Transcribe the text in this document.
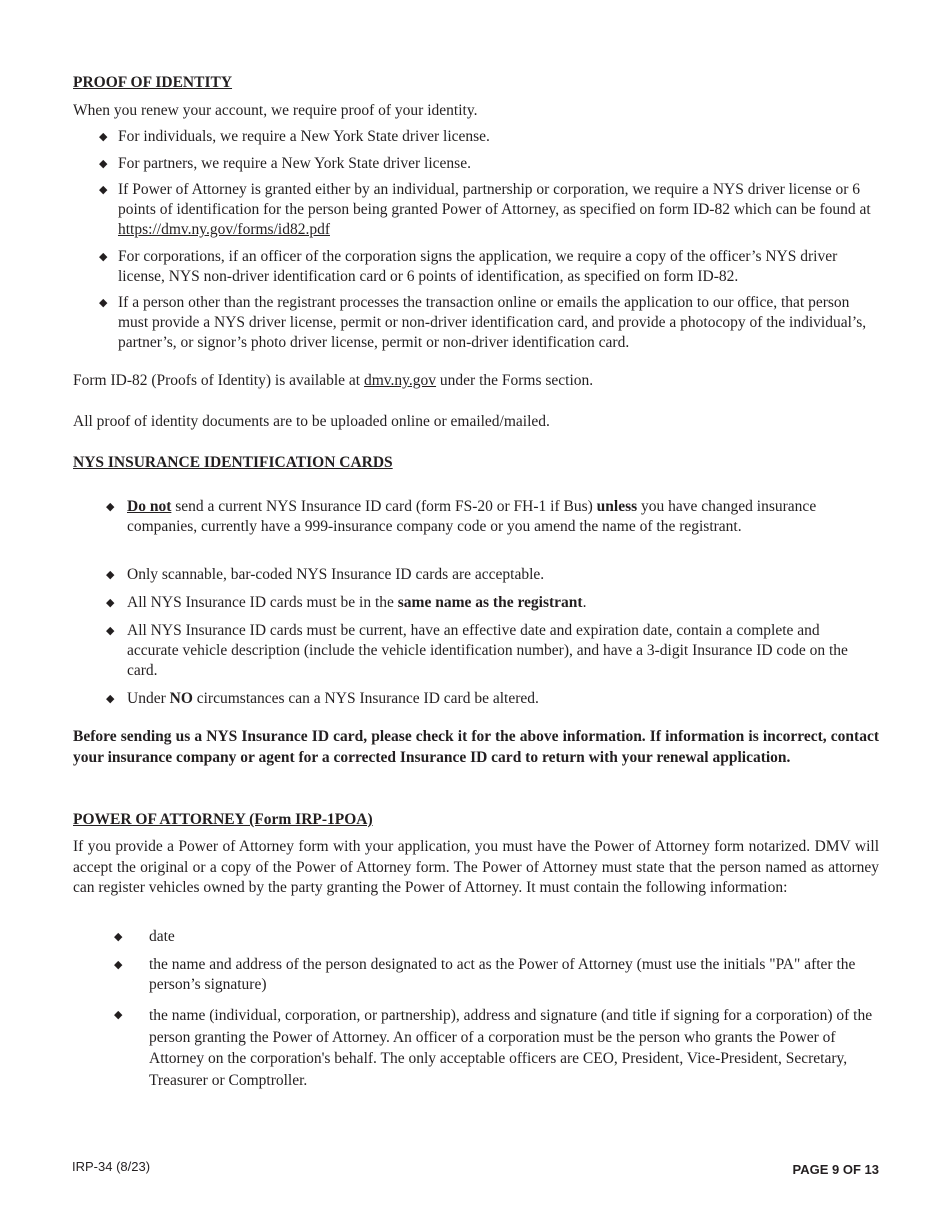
PROOF OF IDENTITY
When you renew your account, we require proof of your identity.
◆ For individuals, we require a New York State driver license.
◆ For partners, we require a New York State driver license.
◆ If Power of Attorney is granted either by an individual, partnership or corporation, we require a NYS driver license or 6 points of identification for the person being granted Power of Attorney, as specified on form ID-82 which can be found at https://dmv.ny.gov/forms/id82.pdf
◆ For corporations, if an officer of the corporation signs the application, we require a copy of the officer’s NYS driver license, NYS non-driver identification card or 6 points of identification, as specified on form ID-82.
◆ If a person other than the registrant processes the transaction online or emails the application to our office, that person must provide a NYS driver license, permit or non-driver identification card, and provide a photocopy of the individual’s, partner’s, or signor’s photo driver license, permit or non-driver identification card.
Form ID-82 (Proofs of Identity) is available at dmv.ny.gov under the Forms section.
All proof of identity documents are to be uploaded online or emailed/mailed.
NYS INSURANCE IDENTIFICATION CARDS
◆ Do not send a current NYS Insurance ID card (form FS-20 or FH-1 if Bus) unless you have changed insurance companies, currently have a 999-insurance company code or you amend the name of the registrant.
◆ Only scannable, bar-coded NYS Insurance ID cards are acceptable.
◆ All NYS Insurance ID cards must be in the same name as the registrant.
◆ All NYS Insurance ID cards must be current, have an effective date and expiration date, contain a complete and accurate vehicle description (include the vehicle identification number), and have a 3-digit Insurance ID code on the card.
◆ Under NO circumstances can a NYS Insurance ID card be altered.
Before sending us a NYS Insurance ID card, please check it for the above information. If information is incorrect, contact your insurance company or agent for a corrected Insurance ID card to return with your renewal application.
POWER OF ATTORNEY (Form IRP-1POA)
If you provide a Power of Attorney form with your application, you must have the Power of Attorney form notarized. DMV will accept the original or a copy of the Power of Attorney form. The Power of Attorney must state that the person named as attorney can register vehicles owned by the party granting the Power of Attorney. It must contain the following information:
◆ date
◆ the name and address of the person designated to act as the Power of Attorney (must use the initials "PA" after the person’s signature)
◆ the name (individual, corporation, or partnership), address and signature (and title if signing for a corporation) of the person granting the Power of Attorney. An officer of a corporation must be the person who grants the Power of Attorney on the corporation's behalf. The only acceptable officers are CEO, President, Vice-President, Secretary, Treasurer or Comptroller.
IRP-34 (8/23)	PAGE 9 OF 13
